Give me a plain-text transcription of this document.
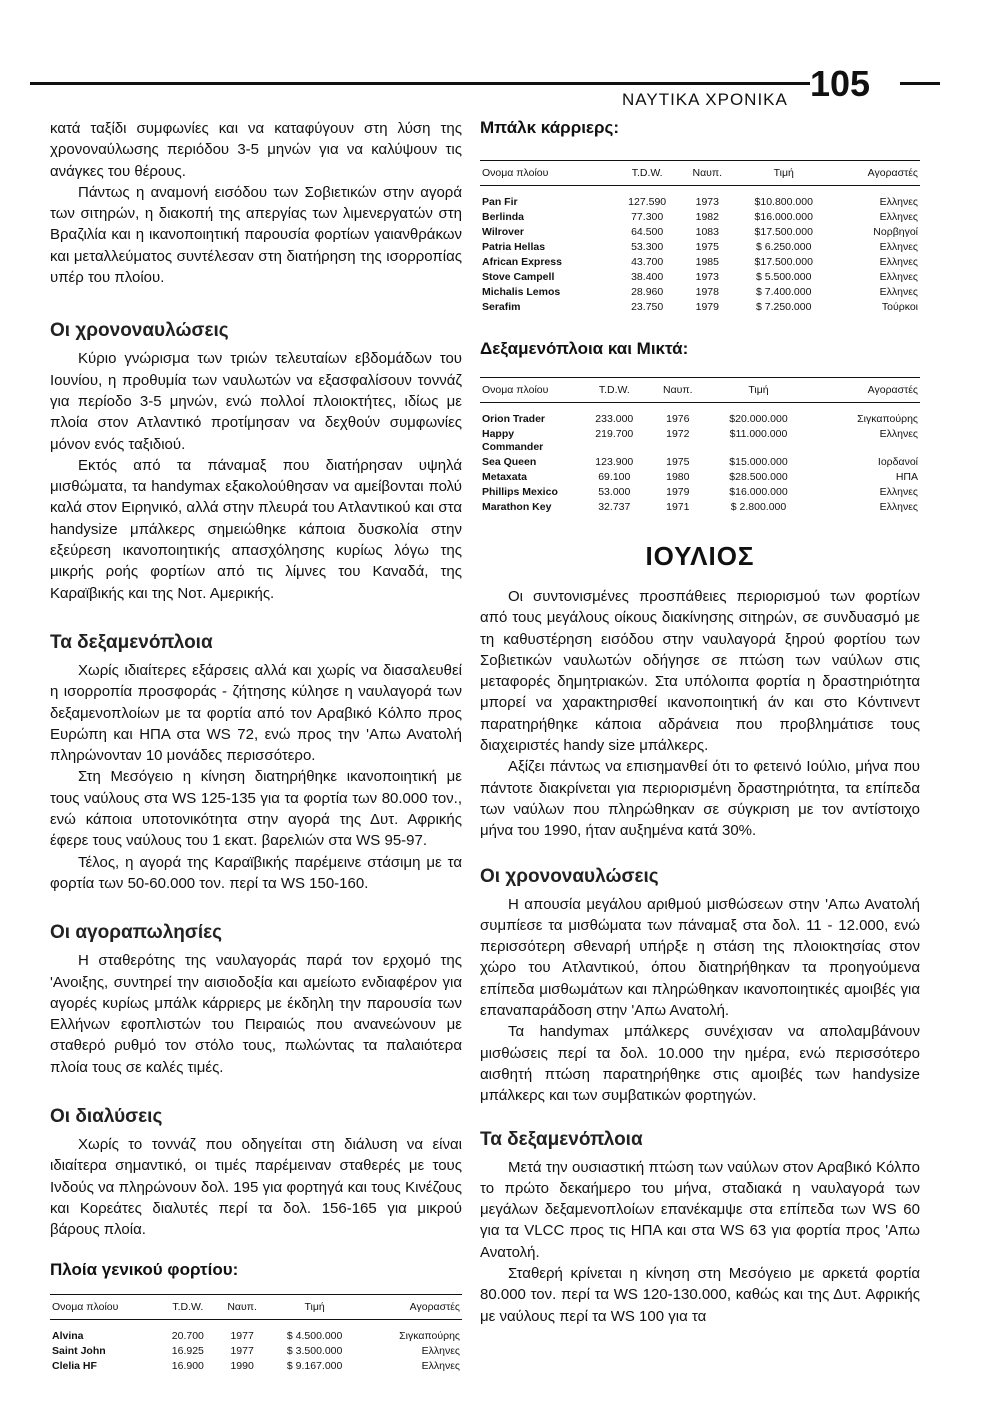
ΝΑΥΤΙΚΑ ΧΡΟΝΙΚΑ 105

κατά ταξίδι συμφωνίες και να καταφύγουν στη λύση της χρονοναύλωσης περιόδου 3-5 μηνών για να καλύψουν τις ανάγκες του θέρους.

Πάντως η αναμονή εισόδου των Σοβιετικών στην αγορά των σιτηρών, η διακοπή της απεργίας των λιμενεργατών στη Βραζιλία και η ικανοποιητική παρουσία φορτίων γαιανθράκων και μεταλλεύματος συντέλεσαν στη διατήρηση της ισορροπίας υπέρ του πλοίου.

Οι χρονοναυλώσεις

Κύριο γνώρισμα των τριών τελευταίων εβδομάδων του Ιουνίου, η προθυμία των ναυλωτών να εξασφαλίσουν τοννάζ για περίοδο 3-5 μηνών, ενώ πολλοί πλοιοκτήτες, ιδίως με πλοία στον Ατλαντικό προτίμησαν να δεχθούν συμφωνίες μόνον ενός ταξιδιού.

Εκτός από τα πάναμαξ που διατήρησαν υψηλά μισθώματα, τα handymax εξακολούθησαν να αμείβονται πολύ καλά στον Ειρηνικό, αλλά στην πλευρά του Ατλαντικού και στα handysize μπάλκερς σημειώθηκε κάποια δυσκολία στην εξεύρεση ικανοποιητικής απασχόλησης κυρίως λόγω της μικρής ροής φορτίων από τις λίμνες του Καναδά, της Καραϊβικής και της Νοτ. Αμερικής.

Τα δεξαμενόπλοια

Χωρίς ιδιαίτερες εξάρσεις αλλά και χωρίς να διασαλευθεί η ισορροπία προσφοράς - ζήτησης κύλησε η ναυλαγορά των δεξαμενοπλοίων με τα φορτία από τον Αραβικό Κόλπο προς Ευρώπη και ΗΠΑ στα WS 72, ενώ προς την 'Απω Ανατολή πληρώνονταν 10 μονάδες περισσότερο.

Στη Μεσόγειο η κίνηση διατηρήθηκε ικανοποιητική με τους ναύλους στα WS 125-135 για τα φορτία των 80.000 τον., ενώ κάποια υποτονικότητα στην αγορά της Δυτ. Αφρικής έφερε τους ναύλους του 1 εκατ. βαρελιών στα WS 95-97.

Τέλος, η αγορά της Καραϊβικής παρέμεινε στάσιμη με τα φορτία των 50-60.000 τον. περί τα WS 150-160.

Οι αγοραπωλησίες

Η σταθερότης της ναυλαγοράς παρά τον ερχομό της 'Ανοιξης, συντηρεί την αισιοδοξία και αμείωτο ενδιαφέρον για αγορές κυρίως μπάλκ κάρριερς με έκδηλη την παρουσία των Ελλήνων εφοπλιστών του Πειραιώς που ανανεώνουν με σταθερό ρυθμό τον στόλο τους, πωλώντας τα παλαιότερα πλοία τους σε καλές τιμές.

Οι διαλύσεις

Χωρίς το τοννάζ που οδηγείται στη διάλυση να είναι ιδιαίτερα σημαντικό, οι τιμές παρέμειναν σταθερές με τους Ινδούς να πληρώνουν δολ. 195 για φορτηγά και τους Κινέζους και Κορεάτες διαλυτές περί τα δολ. 156-165 για μικρού βάρους πλοία.

Πλοία γενικού φορτίου:
Ονομα πλοίου	T.D.W.	Ναυπ.	Τιμή	Αγοραστές
Alvina	20.700	1977	$ 4.500.000	Σιγκαπούρης
Saint John	16.925	1977	$ 3.500.000	Ελληνες
Clelia HF	16.900	1990	$ 9.167.000	Ελληνες
Μπάλκ κάρριερς:
Ονομα πλοίου	T.D.W.	Ναυπ.	Τιμή	Αγοραστές
Pan Fir	127.590	1973	$10.800.000	Ελληνες
Berlinda	77.300	1982	$16.000.000	Ελληνες
Wilrover	64.500	1083	$17.500.000	Νορβηγοί
Patria Hellas	53.300	1975	$ 6.250.000	Ελληνες
African Express	43.700	1985	$17.500.000	Ελληνες
Stove Campell	38.400	1973	$ 5.500.000	Ελληνες
Michalis Lemos	28.960	1978	$ 7.400.000	Ελληνες
Serafim	23.750	1979	$ 7.250.000	Τούρκοι
Δεξαμενόπλοια και Μικτά:
Ονομα πλοίου	T.D.W.	Ναυπ.	Τιμή	Αγοραστές
Orion Trader	233.000	1976	$20.000.000	Σιγκαπούρης
Happy Commander	219.700	1972	$11.000.000	Ελληνες
Sea Queen	123.900	1975	$15.000.000	Ιορδανοί
Metaxata	69.100	1980	$28.500.000	ΗΠΑ
Phillips Mexico	53.000	1979	$16.000.000	Ελληνες
Marathon Key	32.737	1971	$ 2.800.000	Ελληνες
ΙΟΥΛΙΟΣ

Οι συντονισμένες προσπάθειες περιορισμού των φορτίων από τους μεγάλους οίκους διακίνησης σιτηρών, σε συνδυασμό με τη καθυστέρηση εισόδου στην ναυλαγορά ξηρού φορτίου των Σοβιετικών ναυλωτών οδήγησε σε πτώση των ναύλων στις μεταφορές δημητριακών. Στα υπόλοιπα φορτία η δραστηριότητα μπορεί να χαρακτηρισθεί ικανοποιητική άν και στο Κόντινεντ παρατηρήθηκε κάποια αδράνεια που προβλημάτισε τους διαχειριστές handy size μπάλκερς.

Αξίζει πάντως να επισημανθεί ότι το φετεινό Ιούλιο, μήνα που πάντοτε διακρίνεται για περιορισμένη δραστηριότητα, τα επίπεδα των ναύλων που πληρώθηκαν σε σύγκριση με τον αντίστοιχο μήνα του 1990, ήταν αυξημένα κατά 30%.

Οι χρονοναυλώσεις

Η απουσία μεγάλου αριθμού μισθώσεων στην 'Απω Ανατολή συμπίεσε τα μισθώματα των πάναμαξ στα δολ. 11 - 12.000, ενώ περισσότερη σθεναρή υπήρξε η στάση της πλοιοκτησίας στον χώρο του Ατλαντικού, όπου διατηρήθηκαν τα προηγούμενα επίπεδα μισθωμάτων και πληρώθηκαν ικανοποιητικές αμοιβές για επαναπαράδοση στην 'Απω Ανατολή.

Τα handymax μπάλκερς συνέχισαν να απολαμβάνουν μισθώσεις περί τα δολ. 10.000 την ημέρα, ενώ περισσότερο αισθητή πτώση παρατηρήθηκε στις αμοιβές των handysize μπάλκερς και των συμβατικών φορτηγών.

Τα δεξαμενόπλοια

Μετά την ουσιαστική πτώση των ναύλων στον Αραβικό Κόλπο το πρώτο δεκαήμερο του μήνα, σταδιακά η ναυλαγορά των μεγάλων δεξαμενοπλοίων επανέκαμψε στα επίπεδα των WS 60 για τα VLCC προς τις ΗΠΑ και στα WS 63 για φορτία προς 'Απω Ανατολή.

Σταθερή κρίνεται η κίνηση στη Μεσόγειο με αρκετά φορτία 80.000 τον. περί τα WS 120-130.000, καθώς και της Δυτ. Αφρικής με ναύλους περί τα WS 100 για τα
